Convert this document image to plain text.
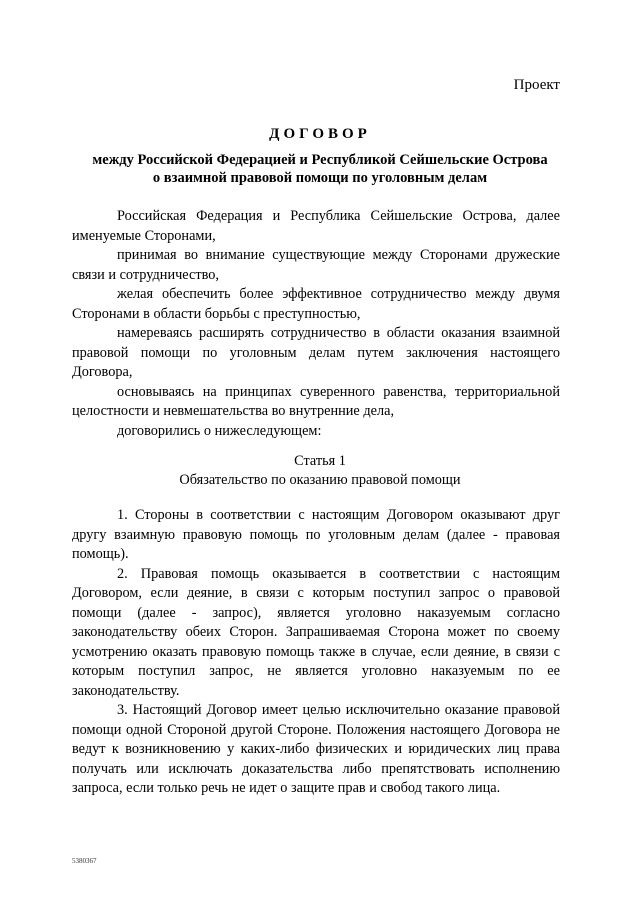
Проект
ДОГОВОР
между Российской Федерацией и Республикой Сейшельские Острова
о взаимной правовой помощи по уголовным делам

Российская Федерация и Республика Сейшельские Острова, далее именуемые Сторонами,

принимая во внимание существующие между Сторонами дружеские связи и сотрудничество,

желая обеспечить более эффективное сотрудничество между двумя Сторонами в области борьбы с преступностью,

намереваясь расширять сотрудничество в области оказания взаимной правовой помощи по уголовным делам путем заключения настоящего Договора,

основываясь на принципах суверенного равенства, территориальной целостности и невмешательства во внутренние дела,

договорились о нижеследующем:

Статья 1
Обязательство по оказанию правовой помощи

1. Стороны в соответствии с настоящим Договором оказывают друг другу взаимную правовую помощь по уголовным делам (далее - правовая помощь).

2. Правовая помощь оказывается в соответствии с настоящим Договором, если деяние, в связи с которым поступил запрос о правовой помощи (далее - запрос), является уголовно наказуемым согласно законодательству обеих Сторон. Запрашиваемая Сторона может по своему усмотрению оказать правовую помощь также в случае, если деяние, в связи с которым поступил запрос, не является уголовно наказуемым по ее законодательству.

3. Настоящий Договор имеет целью исключительно оказание правовой помощи одной Стороной другой Стороне. Положения настоящего Договора не ведут к возникновению у каких-либо физических и юридических лиц права получать или исключать доказательства либо препятствовать исполнению запроса, если только речь не идет о защите прав и свобод такого лица.

5380367
